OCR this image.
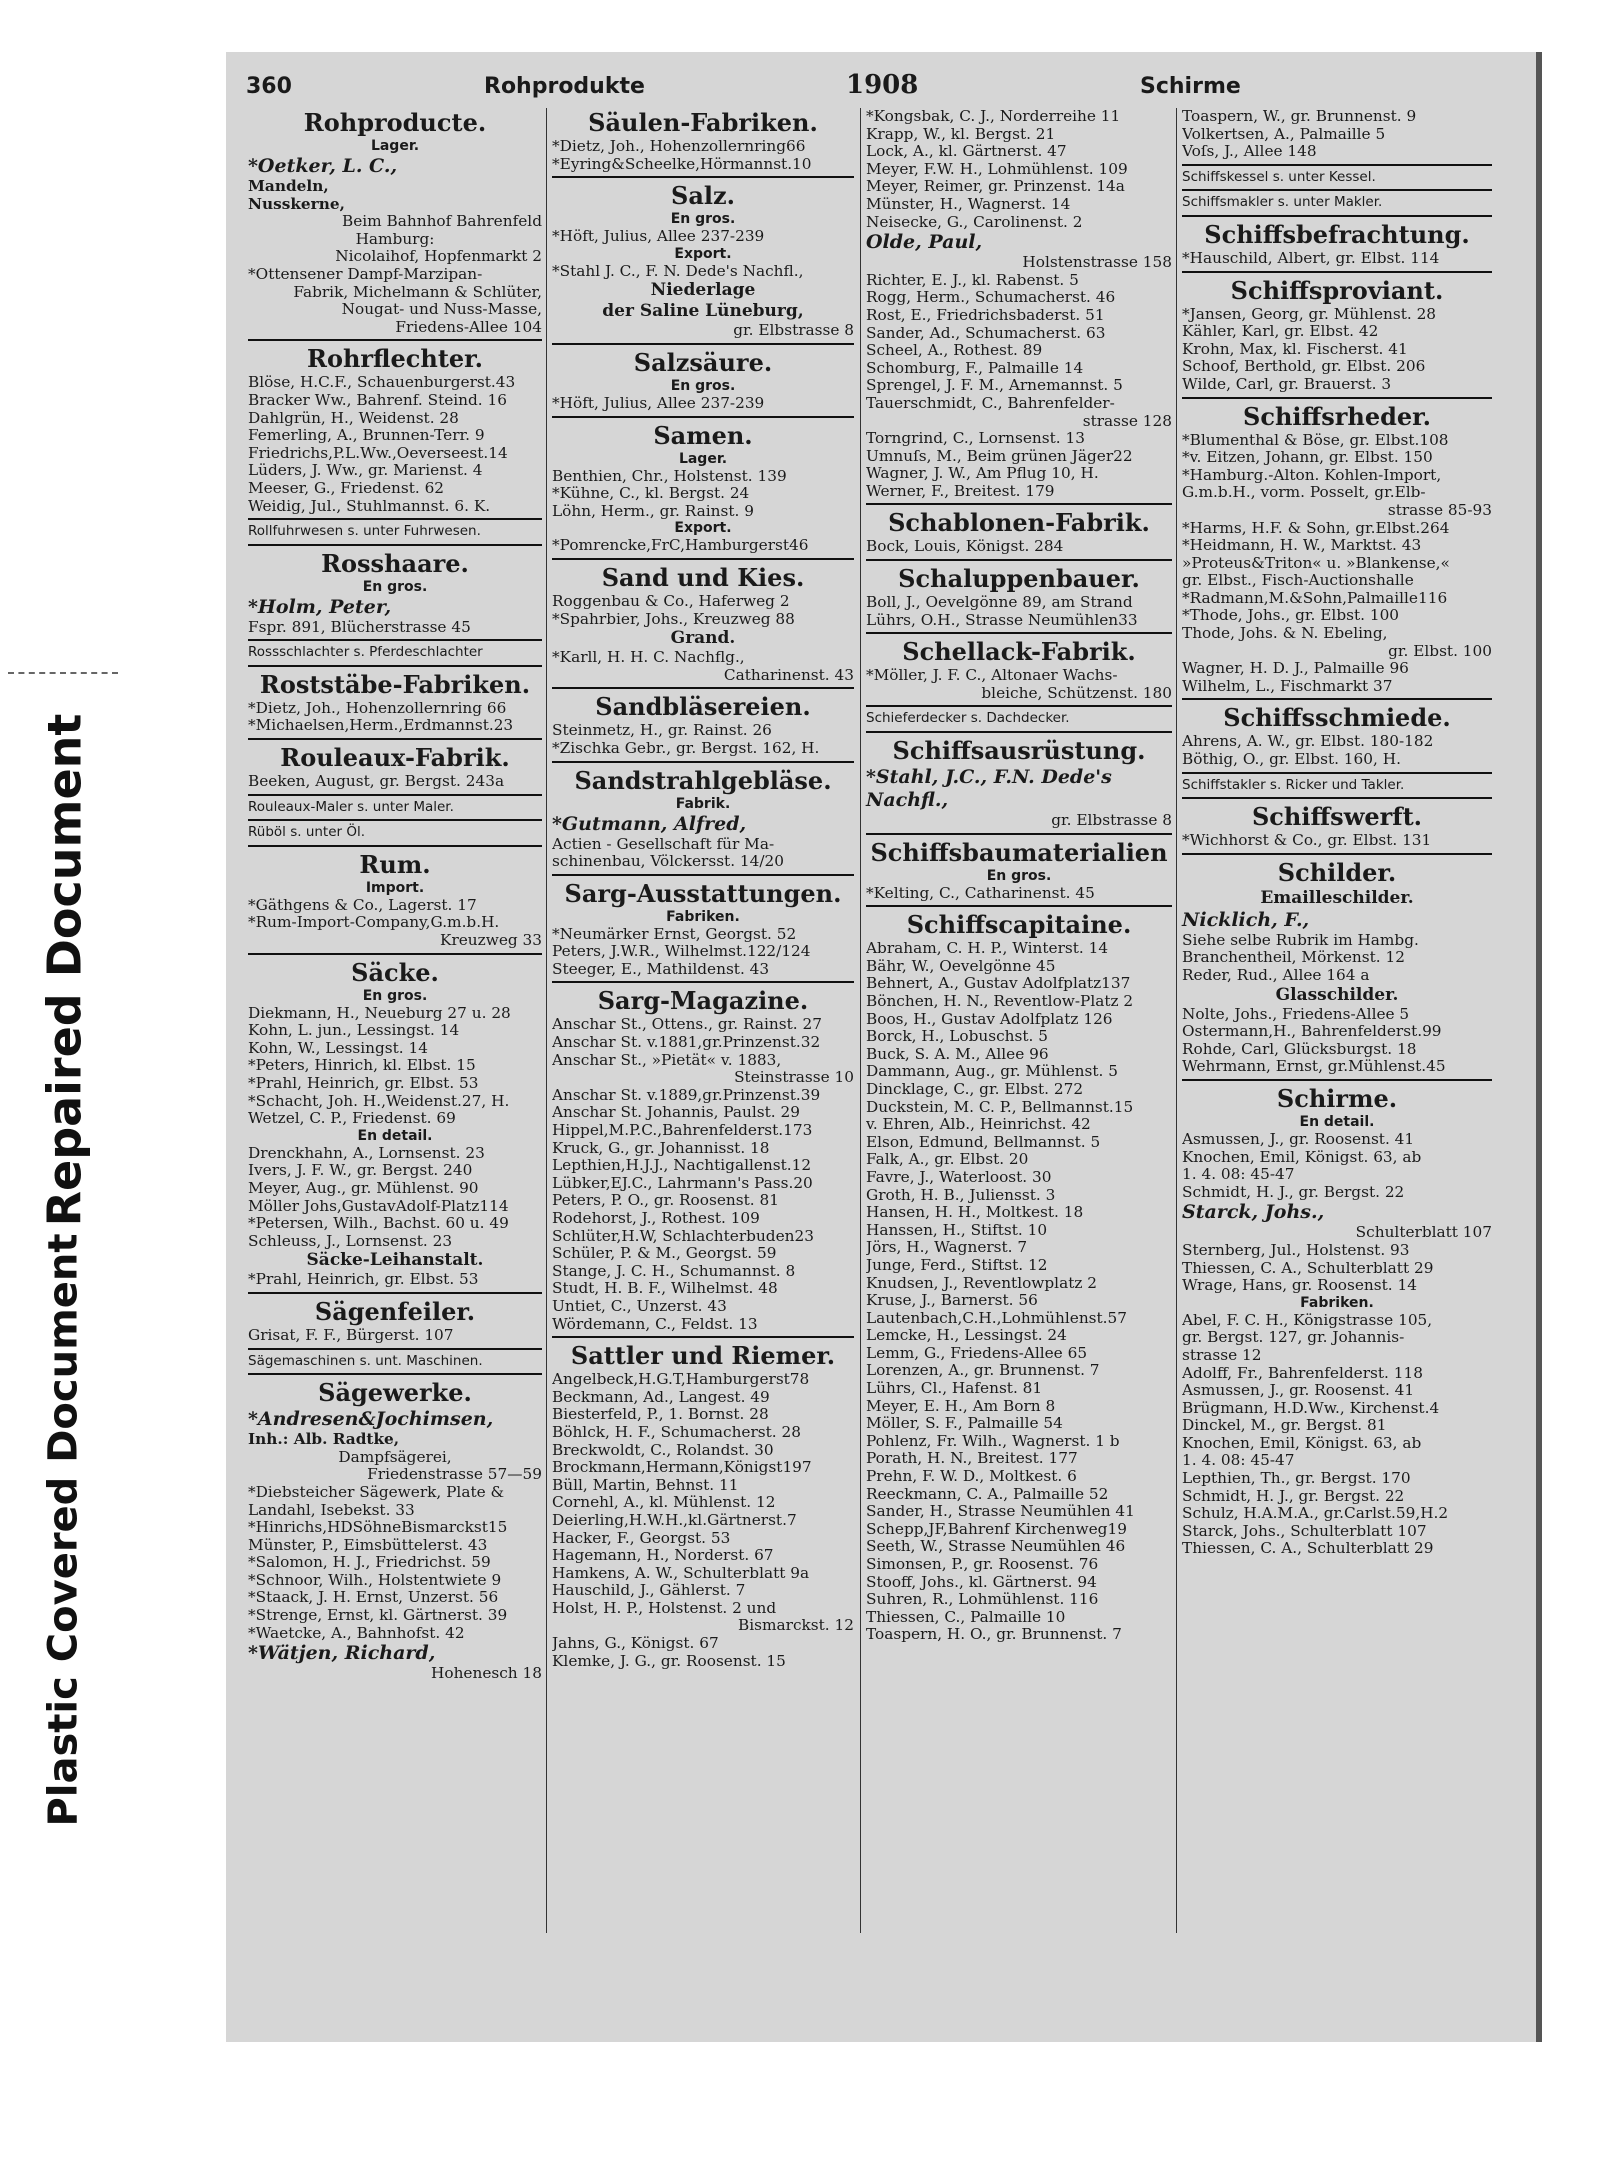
Repaired Document
Plastic Covered Document
360	Rohprodukte	1908	Schirme
Rohproducte.
Lager.
*Oetker, L. C.,
Mandeln,
Nusskerne,
Beim Bahnhof Bahrenfeld
Hamburg:
Nicolaihof, Hopfenmarkt 2
*Ottensener Dampf-Marzipan-
Fabrik, Michelmann & Schlüter,
Nougat- und Nuss-Masse,
Friedens-Allee 104
Rohrflechter.
Blöse, H.C.F., Schauenburgerst.43
Bracker Ww., Bahrenf. Steind. 16
Dahlgrün, H., Weidenst. 28
Femerling, A., Brunnen-Terr. 9
Friedrichs,P.L.Ww.,Oeverseest.14
Lüders, J. Ww., gr. Marienst. 4
Meeser, G., Friedenst. 62
Weidig, Jul., Stuhlmannst. 6. K.
Rollfuhrwesen s. unter Fuhrwesen.
Rosshaare.
En gros.
*Holm, Peter,
Fspr. 891, Blücherstrasse 45
Rossschlachter s. Pferdeschlachter
Roststäbe-Fabriken.
*Dietz, Joh., Hohenzollernring 66
*Michaelsen,Herm.,Erdmannst.23
Rouleaux-Fabrik.
Beeken, August, gr. Bergst. 243a
Rouleaux-Maler s. unter Maler.
Rüböl s. unter Öl.
Rum.
Import.
*Gäthgens & Co., Lagerst. 17
*Rum-Import-Company,G.m.b.H.
Kreuzweg 33
Säcke.
En gros.
Diekmann, H., Neueburg 27 u. 28
Kohn, L. jun., Lessingst. 14
Kohn, W., Lessingst. 14
*Peters, Hinrich, kl. Elbst. 15
*Prahl, Heinrich, gr. Elbst. 53
*Schacht, Joh. H.,Weidenst.27, H.
Wetzel, C. P., Friedenst. 69
En detail.
Drenckhahn, A., Lornsenst. 23
Ivers, J. F. W., gr. Bergst. 240
Meyer, Aug., gr. Mühlenst. 90
Möller Johs,GustavAdolf-Platz114
*Petersen, Wilh., Bachst. 60 u. 49
Schleuss, J., Lornsenst. 23
Säcke-Leihanstalt.
*Prahl, Heinrich, gr. Elbst. 53
Sägenfeiler.
Grisat, F. F., Bürgerst. 107
Sägemaschinen s. unt. Maschinen.
Sägewerke.
*Andresen&Jochimsen,
Inh.: Alb. Radtke,
Dampfsägerei,
Friedenstrasse 57—59
*Diebsteicher Sägewerk, Plate &
Landahl, Isebekst. 33
*Hinrichs,HDSöhneBismarckst15
Münster, P., Eimsbüttelerst. 43
*Salomon, H. J., Friedrichst. 59
*Schnoor, Wilh., Holstentwiete 9
*Staack, J. H. Ernst, Unzerst. 56
*Strenge, Ernst, kl. Gärtnerst. 39
*Waetcke, A., Bahnhofst. 42
*Wätjen, Richard,
Hohenesch 18
Säulen-Fabriken.
*Dietz, Joh., Hohenzollernring66
*Eyring&Scheelke,Hörmannst.10
Salz.
En gros.
*Höft, Julius, Allee 237-239
Export.
*Stahl J. C., F. N. Dede's Nachfl.,
Niederlage
der Saline Lüneburg,
gr. Elbstrasse 8
Salzsäure.
En gros.
*Höft, Julius, Allee 237-239
Samen.
Lager.
Benthien, Chr., Holstenst. 139
*Kühne, C., kl. Bergst. 24
Löhn, Herm., gr. Rainst. 9
Export.
*Pomrencke,FrC,Hamburgerst46
Sand und Kies.
Roggenbau & Co., Haferweg 2
*Spahrbier, Johs., Kreuzweg 88
Grand.
*Karll, H. H. C. Nachflg.,
Catharinenst. 43
Sandbläsereien.
Steinmetz, H., gr. Rainst. 26
*Zischka Gebr., gr. Bergst. 162, H.
Sandstrahlgebläse.
Fabrik.
*Gutmann, Alfred,
Actien - Gesellschaft für Ma-
schinenbau, Völckersst. 14/20
Sarg-Ausstattungen.
Fabriken.
*Neumärker Ernst, Georgst. 52
Peters, J.W.R., Wilhelmst.122/124
Steeger, E., Mathildenst. 43
Sarg-Magazine.
Anschar St., Ottens., gr. Rainst. 27
Anschar St. v.1881,gr.Prinzenst.32
Anschar St., »Pietät« v. 1883,
Steinstrasse 10
Anschar St. v.1889,gr.Prinzenst.39
Anschar St. Johannis, Paulst. 29
Hippel,M.P.C.,Bahrenfelderst.173
Kruck, G., gr. Johannisst. 18
Lepthien,H.J.J., Nachtigallenst.12
Lübker,EJ.C., Lahrmann's Pass.20
Peters, P. O., gr. Roosenst. 81
Rodehorst, J., Rothest. 109
Schlüter,H.W, Schlachterbuden23
Schüler, P. & M., Georgst. 59
Stange, J. C. H., Schumannst. 8
Studt, H. B. F., Wilhelmst. 48
Untiet, C., Unzerst. 43
Wördemann, C., Feldst. 13
Sattler und Riemer.
Angelbeck,H.G.T,Hamburgerst78
Beckmann, Ad., Langest. 49
Biesterfeld, P., 1. Bornst. 28
Böhlck, H. F., Schumacherst. 28
Breckwoldt, C., Rolandst. 30
Brockmann,Hermann,Königst197
Büll, Martin, Behnst. 11
Cornehl, A., kl. Mühlenst. 12
Deierling,H.W.H.,kl.Gärtnerst.7
Hacker, F., Georgst. 53
Hagemann, H., Norderst. 67
Hamkens, A. W., Schulterblatt 9a
Hauschild, J., Gählerst. 7
Holst, H. P., Holstenst. 2 und
Bismarckst. 12
Jahns, G., Königst. 67
Klemke, J. G., gr. Roosenst. 15
*Kongsbak, C. J., Norderreihe 11
Krapp, W., kl. Bergst. 21
Lock, A., kl. Gärtnerst. 47
Meyer, F.W. H., Lohmühlenst. 109
Meyer, Reimer, gr. Prinzenst. 14a
Münster, H., Wagnerst. 14
Neisecke, G., Carolinenst. 2
Olde, Paul,
Holstenstrasse 158
Richter, E. J., kl. Rabenst. 5
Rogg, Herm., Schumacherst. 46
Rost, E., Friedrichsbaderst. 51
Sander, Ad., Schumacherst. 63
Scheel, A., Rothest. 89
Schomburg, F., Palmaille 14
Sprengel, J. F. M., Arnemannst. 5
Tauerschmidt, C., Bahrenfelder-
strasse 128
Torngrind, C., Lornsenst. 13
Umnuſs, M., Beim grünen Jäger22
Wagner, J. W., Am Pflug 10, H.
Werner, F., Breitest. 179
Schablonen-Fabrik.
Bock, Louis, Königst. 284
Schaluppenbauer.
Boll, J., Oevelgönne 89, am Strand
Lührs, O.H., Strasse Neumühlen33
Schellack-Fabrik.
*Möller, J. F. C., Altonaer Wachs-
bleiche, Schützenst. 180
Schieferdecker s. Dachdecker.
Schiffsausrüstung.
*Stahl, J.C., F.N. Dede's
Nachfl.,
gr. Elbstrasse 8
Schiffsbaumaterialien
En gros.
*Kelting, C., Catharinenst. 45
Schiffscapitaine.
Abraham, C. H. P., Winterst. 14
Bähr, W., Oevelgönne 45
Behnert, A., Gustav Adolfplatz137
Bönchen, H. N., Reventlow-Platz 2
Boos, H., Gustav Adolfplatz 126
Borck, H., Lobuschst. 5
Buck, S. A. M., Allee 96
Dammann, Aug., gr. Mühlenst. 5
Dincklage, C., gr. Elbst. 272
Duckstein, M. C. P., Bellmannst.15
v. Ehren, Alb., Heinrichst. 42
Elson, Edmund, Bellmannst. 5
Falk, A., gr. Elbst. 20
Favre, J., Waterloost. 30
Groth, H. B., Juliensst. 3
Hansen, H. H., Moltkest. 18
Hanssen, H., Stiftst. 10
Jörs, H., Wagnerst. 7
Junge, Ferd., Stiftst. 12
Knudsen, J., Reventlowplatz 2
Kruse, J., Barnerst. 56
Lautenbach,C.H.,Lohmühlenst.57
Lemcke, H., Lessingst. 24
Lemm, G., Friedens-Allee 65
Lorenzen, A., gr. Brunnenst. 7
Lührs, Cl., Hafenst. 81
Meyer, E. H., Am Born 8
Möller, S. F., Palmaille 54
Pohlenz, Fr. Wilh., Wagnerst. 1 b
Porath, H. N., Breitest. 177
Prehn, F. W. D., Moltkest. 6
Reeckmann, C. A., Palmaille 52
Sander, H., Strasse Neumühlen 41
Schepp,JF,Bahrenf Kirchenweg19
Seeth, W., Strasse Neumühlen 46
Simonsen, P., gr. Roosenst. 76
Stooff, Johs., kl. Gärtnerst. 94
Suhren, R., Lohmühlenst. 116
Thiessen, C., Palmaille 10
Toaspern, H. O., gr. Brunnenst. 7
Toaspern, W., gr. Brunnenst. 9
Volkertsen, A., Palmaille 5
Voſs, J., Allee 148
Schiffskessel s. unter Kessel.
Schiffsmakler s. unter Makler.
Schiffsbefrachtung.
*Hauschild, Albert, gr. Elbst. 114
Schiffsproviant.
*Jansen, Georg, gr. Mühlenst. 28
Kähler, Karl, gr. Elbst. 42
Krohn, Max, kl. Fischerst. 41
Schoof, Berthold, gr. Elbst. 206
Wilde, Carl, gr. Brauerst. 3
Schiffsrheder.
*Blumenthal & Böse, gr. Elbst.108
*v. Eitzen, Johann, gr. Elbst. 150
*Hamburg.-Alton. Kohlen-Import,
G.m.b.H., vorm. Posselt, gr.Elb-
strasse 85-93
*Harms, H.F. & Sohn, gr.Elbst.264
*Heidmann, H. W., Marktst. 43
»Proteus&Triton« u. »Blankense,«
gr. Elbst., Fisch-Auctionshalle
*Radmann,M.&Sohn,Palmaille116
*Thode, Johs., gr. Elbst. 100
Thode, Johs. & N. Ebeling,
gr. Elbst. 100
Wagner, H. D. J., Palmaille 96
Wilhelm, L., Fischmarkt 37
Schiffsschmiede.
Ahrens, A. W., gr. Elbst. 180-182
Böthig, O., gr. Elbst. 160, H.
Schiffstakler s. Ricker und Takler.
Schiffswerft.
*Wichhorst & Co., gr. Elbst. 131
Schilder.
Emailleschilder.
Nicklich, F.,
Siehe selbe Rubrik im Hambg.
Branchentheil, Mörkenst. 12
Reder, Rud., Allee 164 a
Glasschilder.
Nolte, Johs., Friedens-Allee 5
Ostermann,H., Bahrenfelderst.99
Rohde, Carl, Glücksburgst. 18
Wehrmann, Ernst, gr.Mühlenst.45
Schirme.
En detail.
Asmussen, J., gr. Roosenst. 41
Knochen, Emil, Königst. 63, ab
1. 4. 08: 45-47
Schmidt, H. J., gr. Bergst. 22
Starck, Johs.,
Schulterblatt 107
Sternberg, Jul., Holstenst. 93
Thiessen, C. A., Schulterblatt 29
Wrage, Hans, gr. Roosenst. 14
Fabriken.
Abel, F. C. H., Königstrasse 105,
gr. Bergst. 127, gr. Johannis-
strasse 12
Adolff, Fr., Bahrenfelderst. 118
Asmussen, J., gr. Roosenst. 41
Brügmann, H.D.Ww., Kirchenst.4
Dinckel, M., gr. Bergst. 81
Knochen, Emil, Königst. 63, ab
1. 4. 08: 45-47
Lepthien, Th., gr. Bergst. 170
Schmidt, H. J., gr. Bergst. 22
Schulz, H.A.M.A., gr.Carlst.59,H.2
Starck, Johs., Schulterblatt 107
Thiessen, C. A., Schulterblatt 29
